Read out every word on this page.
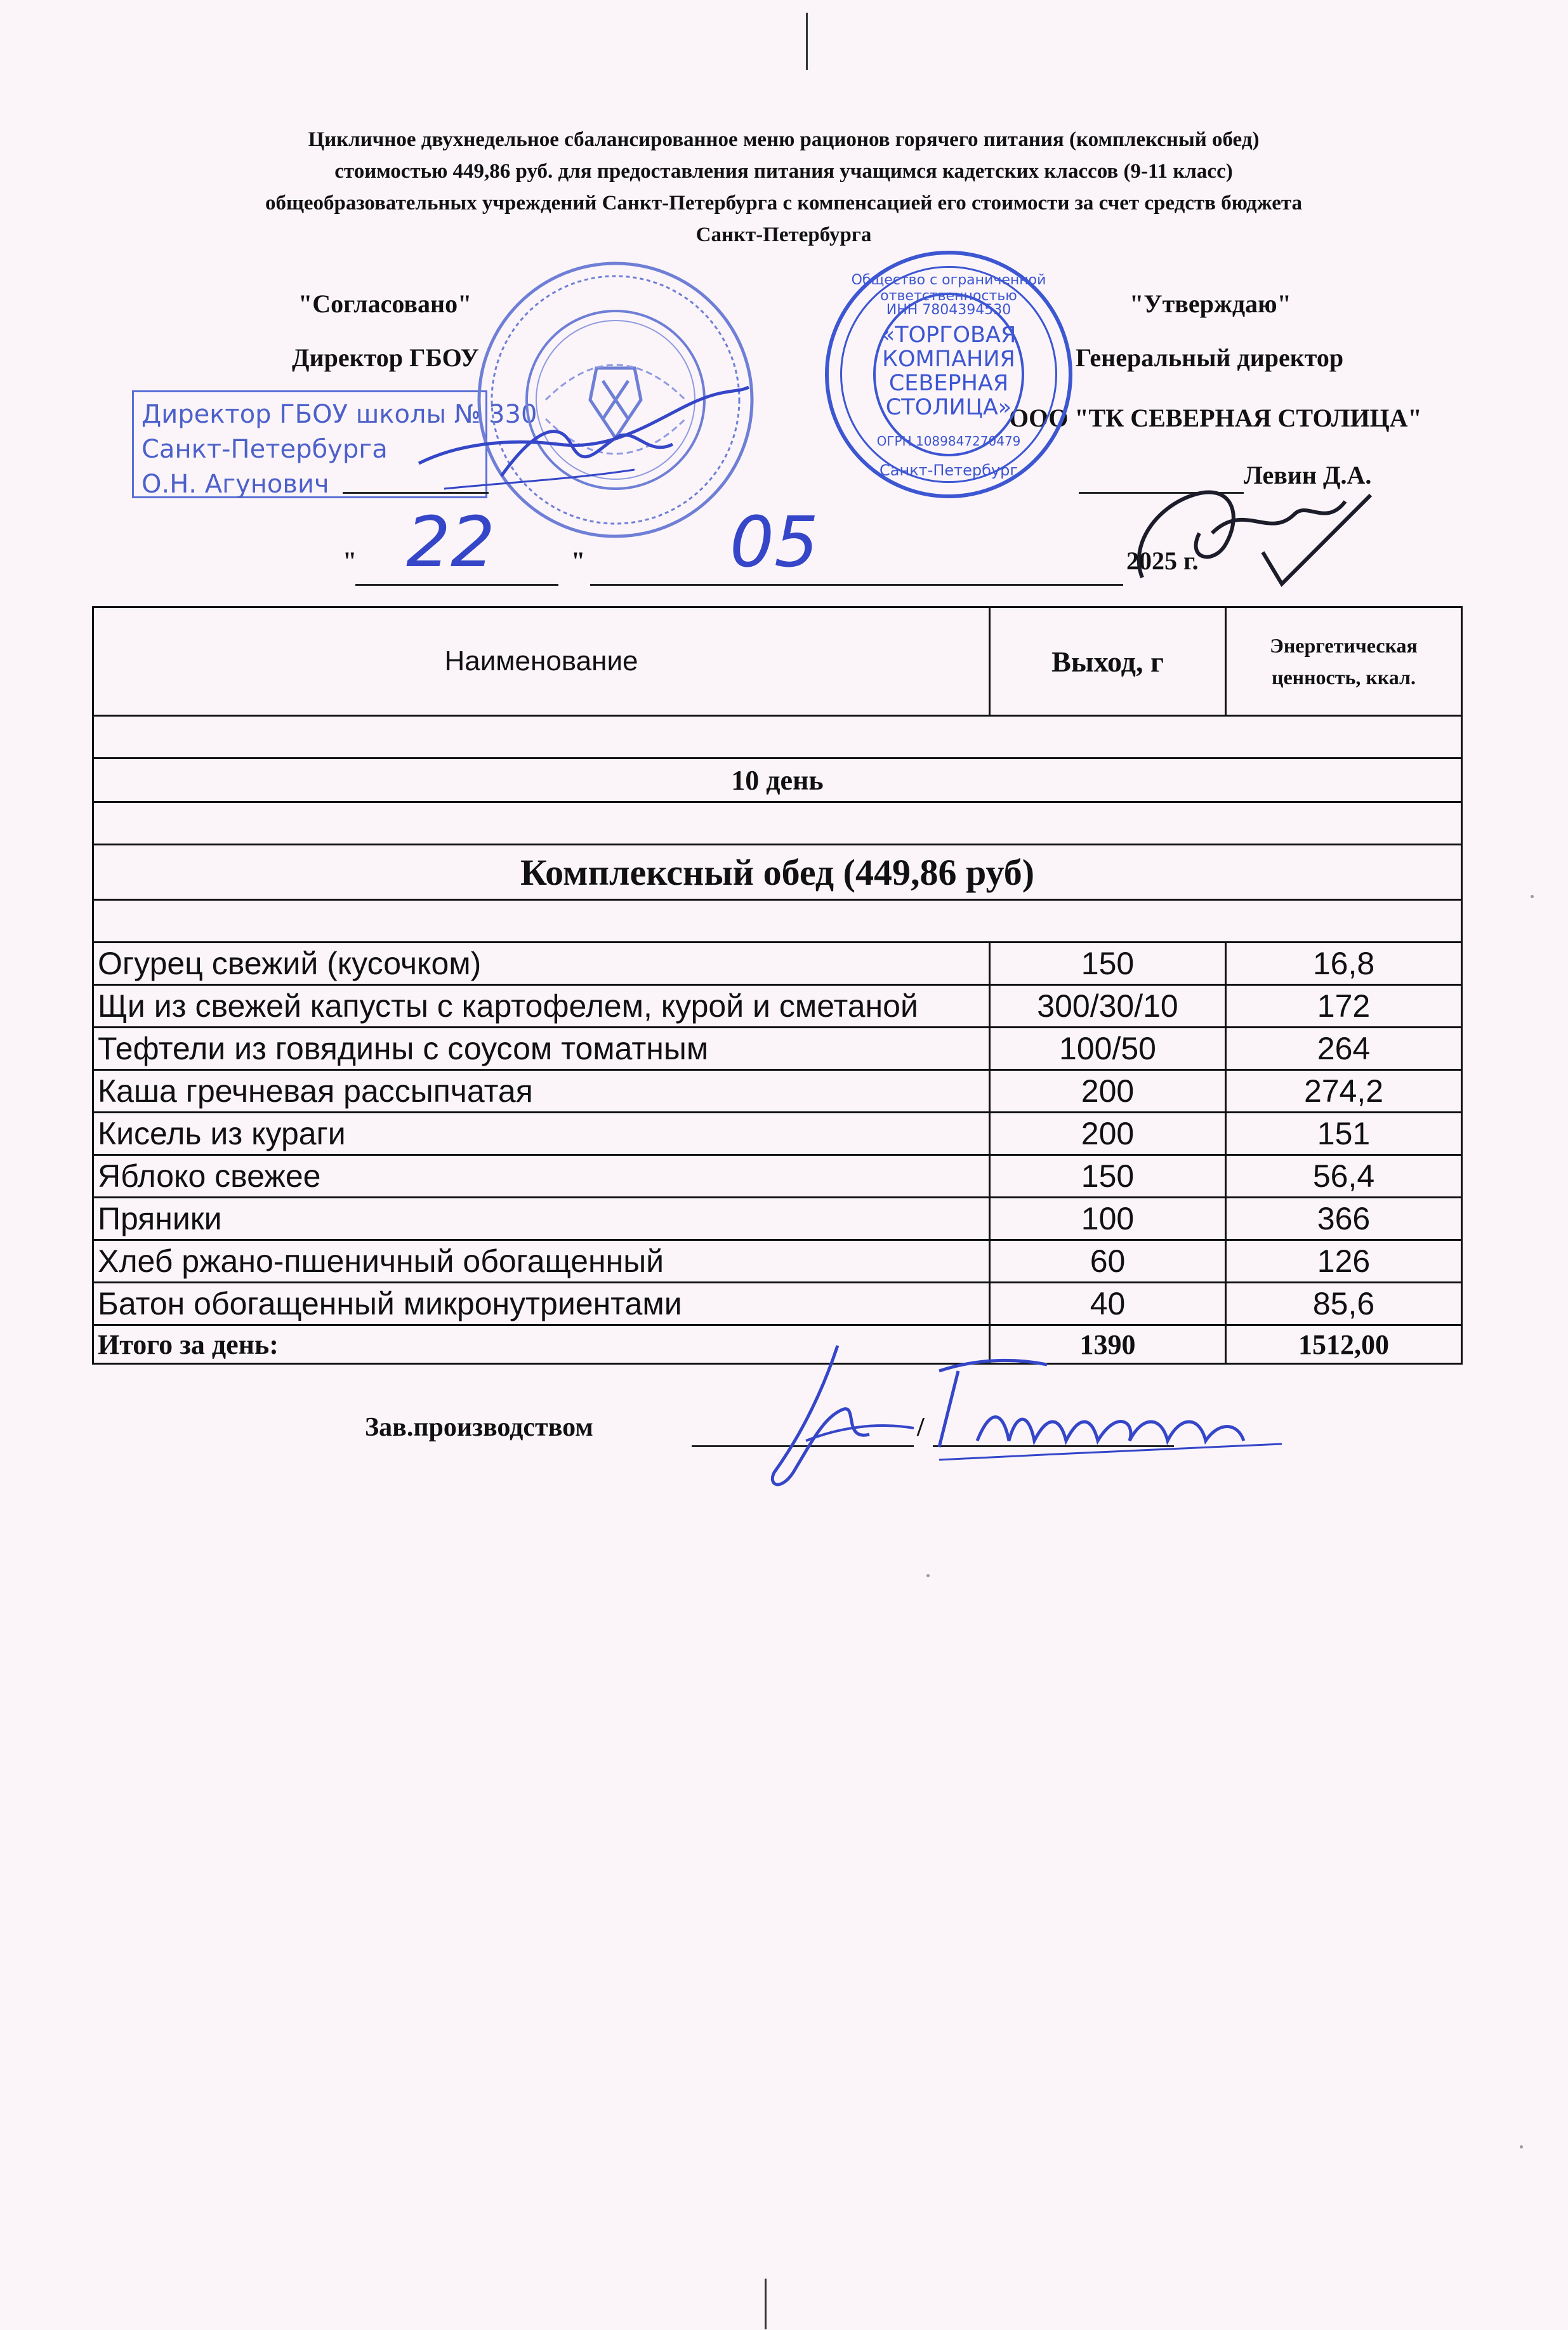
Цикличное двухнедельное сбалансированное меню рационов горячего питания (комплексный обед)
стоимостью 449,86 руб. для предоставления питания учащимся кадетских классов (9-11 класс)
общеобразовательных учреждений Санкт-Петербурга с компенсацией его стоимости за счет средств бюджета
Санкт-Петербурга
"Согласовано"
Директор ГБОУ
Директор ГБОУ школы № 330
Санкт-Петербурга
О.Н. Агунович
"Утверждаю"
Генеральный директор
ООО "ТК СЕВЕРНАЯ СТОЛИЦА"
Левин Д.А.
«ТОРГОВАЯ
КОМПАНИЯ
СЕВЕРНАЯ
СТОЛИЦА»
ИНН 7804394530
ОГРН 1089847270479
Санкт-Петербург
Общество с ограниченной ответственностью
" 22	" 05	2025 г.
Наименование	Выход, г	Энергетическая ценность, ккал.

10 день		

Комплексный обед (449,86 руб)		

Огурец свежий (кусочком)	150	16,8
Щи из свежей капусты с картофелем, курой и сметаной	300/30/10	172
Тефтели из говядины с соусом томатным	100/50	264
Каша гречневая рассыпчатая	200	274,2
Кисель из кураги	200	151
Яблоко свежее	150	56,4
Пряники	100	366
Хлеб ржано-пшеничный обогащенный	60	126
Батон обогащенный микронутриентами	40	85,6
Итого за день:	1390	1512,00
Зав.производством	/
